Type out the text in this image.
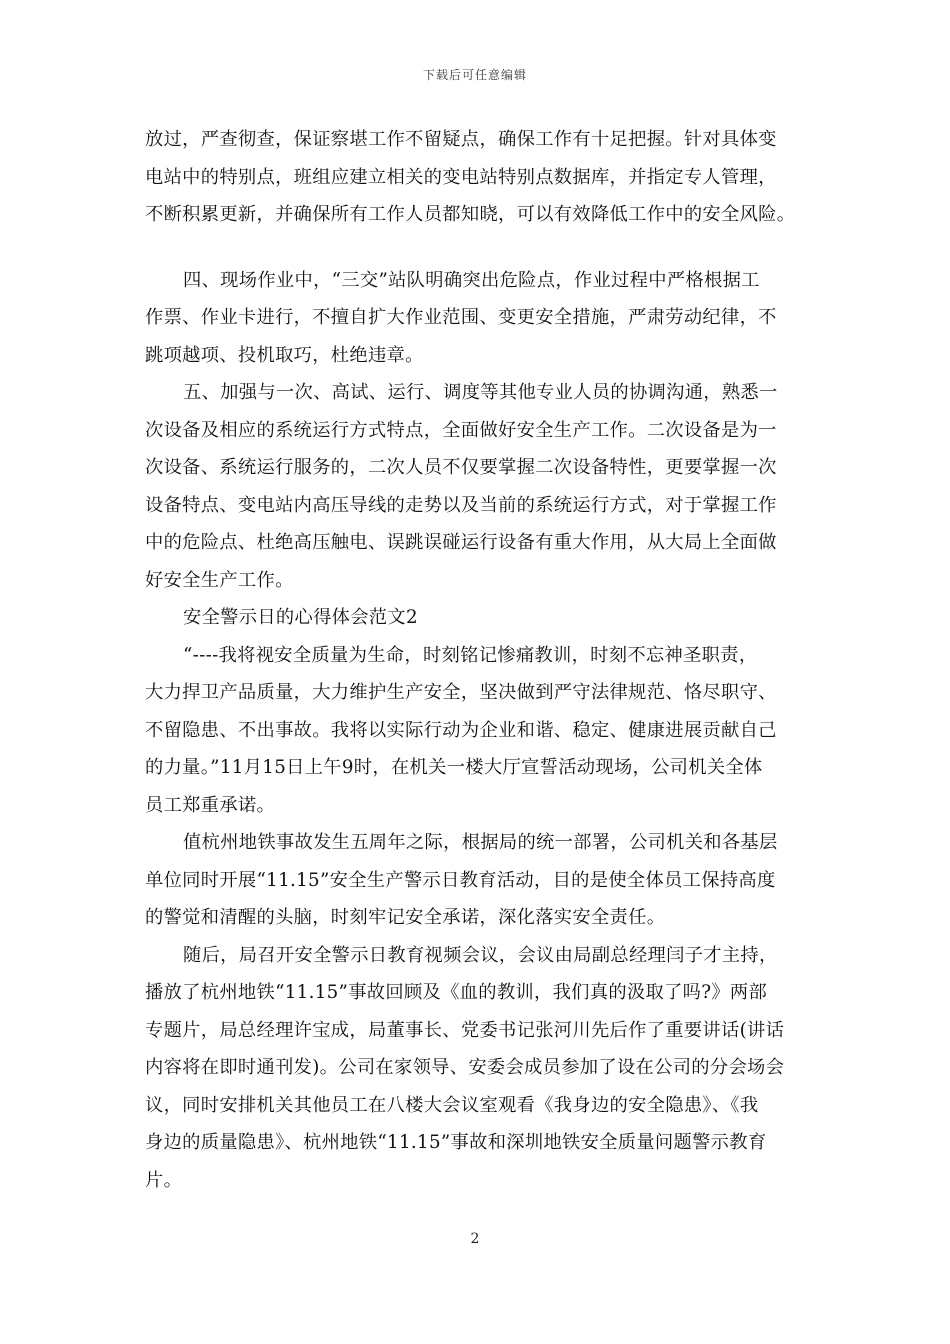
下载后可任意编辑

放过，严查彻查，保证察堪工作不留疑点，确保工作有十足把握。针对具体变

电站中的特别点，班组应建立相关的变电站特别点数据库，并指定专人管理，

不断积累更新，并确保所有工作人员都知晓，可以有效降低工作中的安全风险。

四、现场作业中，“三交”站队明确突出危险点，作业过程中严格根据工

作票、作业卡进行，不擅自扩大作业范围、变更安全措施，严肃劳动纪律，不

跳项越项、投机取巧，杜绝违章。

五、加强与一次、高试、运行、调度等其他专业人员的协调沟通，熟悉一

次设备及相应的系统运行方式特点，全面做好安全生产工作。二次设备是为一

次设备、系统运行服务的，二次人员不仅要掌握二次设备特性，更要掌握一次

设备特点、变电站内高压导线的走势以及当前的系统运行方式，对于掌握工作

中的危险点、杜绝高压触电、误跳误碰运行设备有重大作用，从大局上全面做

好安全生产工作。

安全警示日的心得体会范文2

“----我将视安全质量为生命，时刻铭记惨痛教训，时刻不忘神圣职责，

大力捍卫产品质量，大力维护生产安全，坚决做到严守法律规范、恪尽职守、

不留隐患、不出事故。我将以实际行动为企业和谐、稳定、健康进展贡献自己

的力量。”11月15日上午9时，在机关一楼大厅宣誓活动现场，公司机关全体

员工郑重承诺。

值杭州地铁事故发生五周年之际，根据局的统一部署，公司机关和各基层

单位同时开展“11.15”安全生产警示日教育活动，目的是使全体员工保持高度

的警觉和清醒的头脑，时刻牢记安全承诺，深化落实安全责任。

随后，局召开安全警示日教育视频会议，会议由局副总经理闫子才主持，

播放了杭州地铁“11.15”事故回顾及《血的教训，我们真的汲取了吗?》两部

专题片，局总经理许宝成，局董事长、党委书记张河川先后作了重要讲话(讲话

内容将在即时通刊发)。公司在家领导、安委会成员参加了设在公司的分会场会

议，同时安排机关其他员工在八楼大会议室观看《我身边的安全隐患》、《我

身边的质量隐患》、杭州地铁“11.15”事故和深圳地铁安全质量问题警示教育

片。

2
